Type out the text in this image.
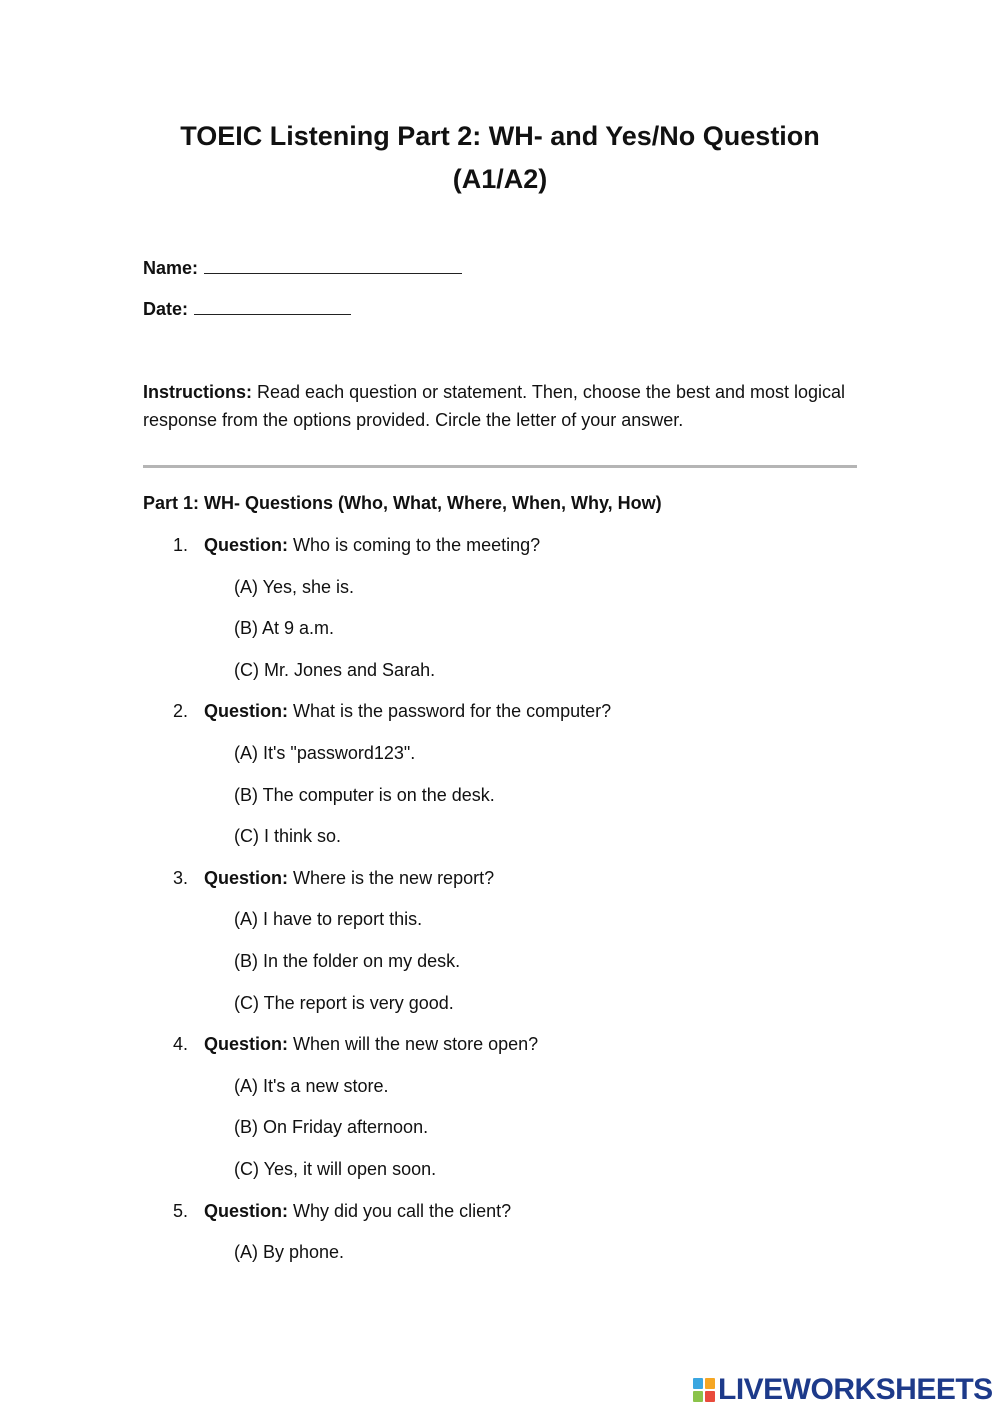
TOEIC Listening Part 2: WH- and Yes/No Question
(A1/A2)
Name:
Date:

Instructions: Read each question or statement. Then, choose the best and most logical response from the options provided. Circle the letter of your answer.

Part 1: WH- Questions (Who, What, Where, When, Why, How)
1. Question: Who is coming to the meeting?
(A) Yes, she is.
(B) At 9 a.m.
(C) Mr. Jones and Sarah.
2. Question: What is the password for the computer?
(A) It's "password123".
(B) The computer is on the desk.
(C) I think so.
3. Question: Where is the new report?
(A) I have to report this.
(B) In the folder on my desk.
(C) The report is very good.
4. Question: When will the new store open?
(A) It's a new store.
(B) On Friday afternoon.
(C) Yes, it will open soon.
5. Question: Why did you call the client?
(A) By phone.
LIVEWORKSHEETS
